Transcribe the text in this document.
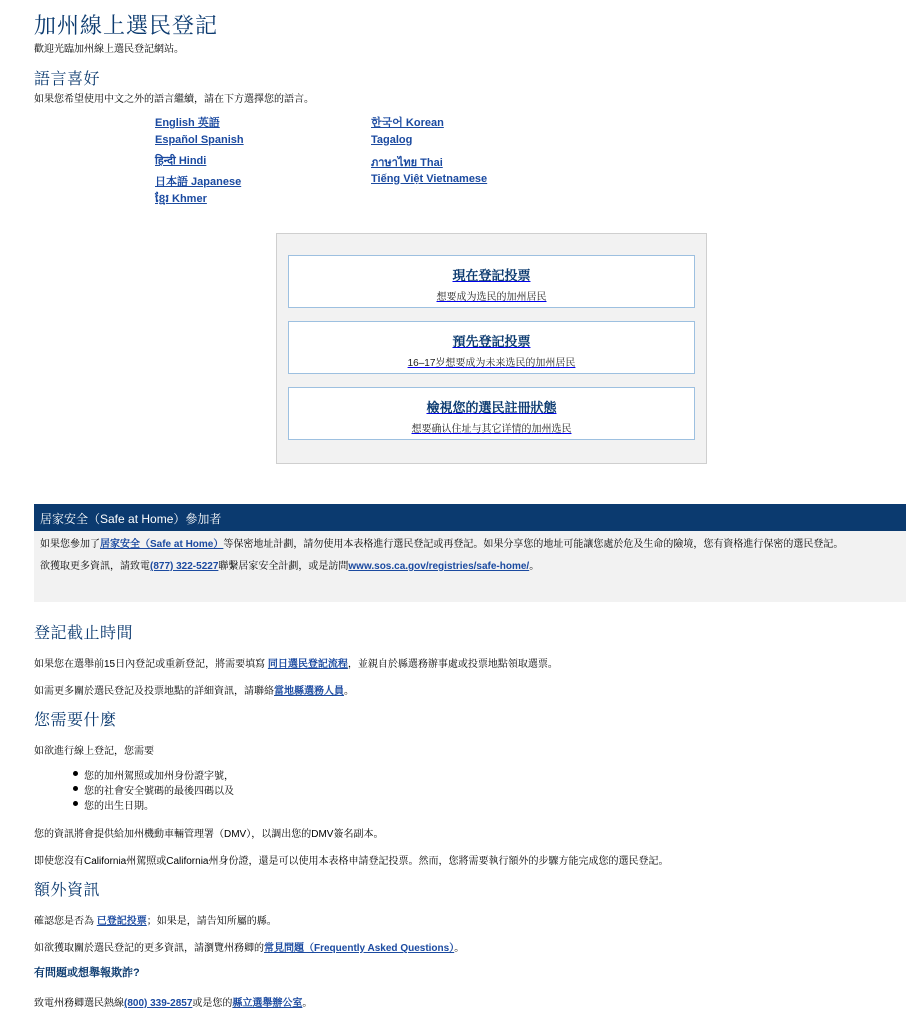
加州線上選民登記
歡迎光臨加州線上選民登記網站。
語言喜好
如果您希望使用中文之外的語言繼續，請在下方選擇您的語言。
English 英語
Español Spanish
हिन्दी Hindi
日本語 Japanese
ខ្មែរ Khmer
한국어 Korean
Tagalog
ภาษาไทย Thai
Tiếng Việt Vietnamese
現在登記投票
想要成为选民的加州居民
預先登記投票
16–17岁想要成为未来选民的加州居民
檢視您的選民註冊狀態
想要确认住址与其它详情的加州选民
居家安全（Safe at Home）參加者

如果您參加了居家安全（Safe at Home）等保密地址計劃，請勿使用本表格進行選民登記或再登記。如果分享您的地址可能讓您處於危及生命的險境，您有資格進行保密的選民登記。

欲獲取更多資訊，請致電(877) 322-5227聯繫居家安全計劃，或是訪問www.sos.ca.gov/registries/safe-home/。

登記截止時間

如果您在選舉前15日內登記或重新登記，將需要填寫 同日選民登記流程，並親自於縣選務辦事處或投票地點領取選票。

如需更多關於選民登記及投票地點的詳細資訊，請聯絡當地縣選務人員。

您需要什麼

如欲進行線上登記，您需要

您的加州駕照或加州身份證字號，
您的社會安全號碼的最後四碼以及
您的出生日期。

您的資訊將會提供給加州機動車輛管理署（DMV），以調出您的DMV簽名副本。

即使您沒有California州駕照或California州身份證，還是可以使用本表格申請登記投票。然而，您將需要執行額外的步驟方能完成您的選民登記。

額外資訊

確認您是否為 已登記投票；如果是，請告知所屬的縣。

如欲獲取關於選民登記的更多資訊，請瀏覽州務卿的常見問題（Frequently Asked Questions）。

有問題或想舉報欺詐?

致電州務卿選民熱線(800) 339-2857或是您的縣立選舉辦公室。
